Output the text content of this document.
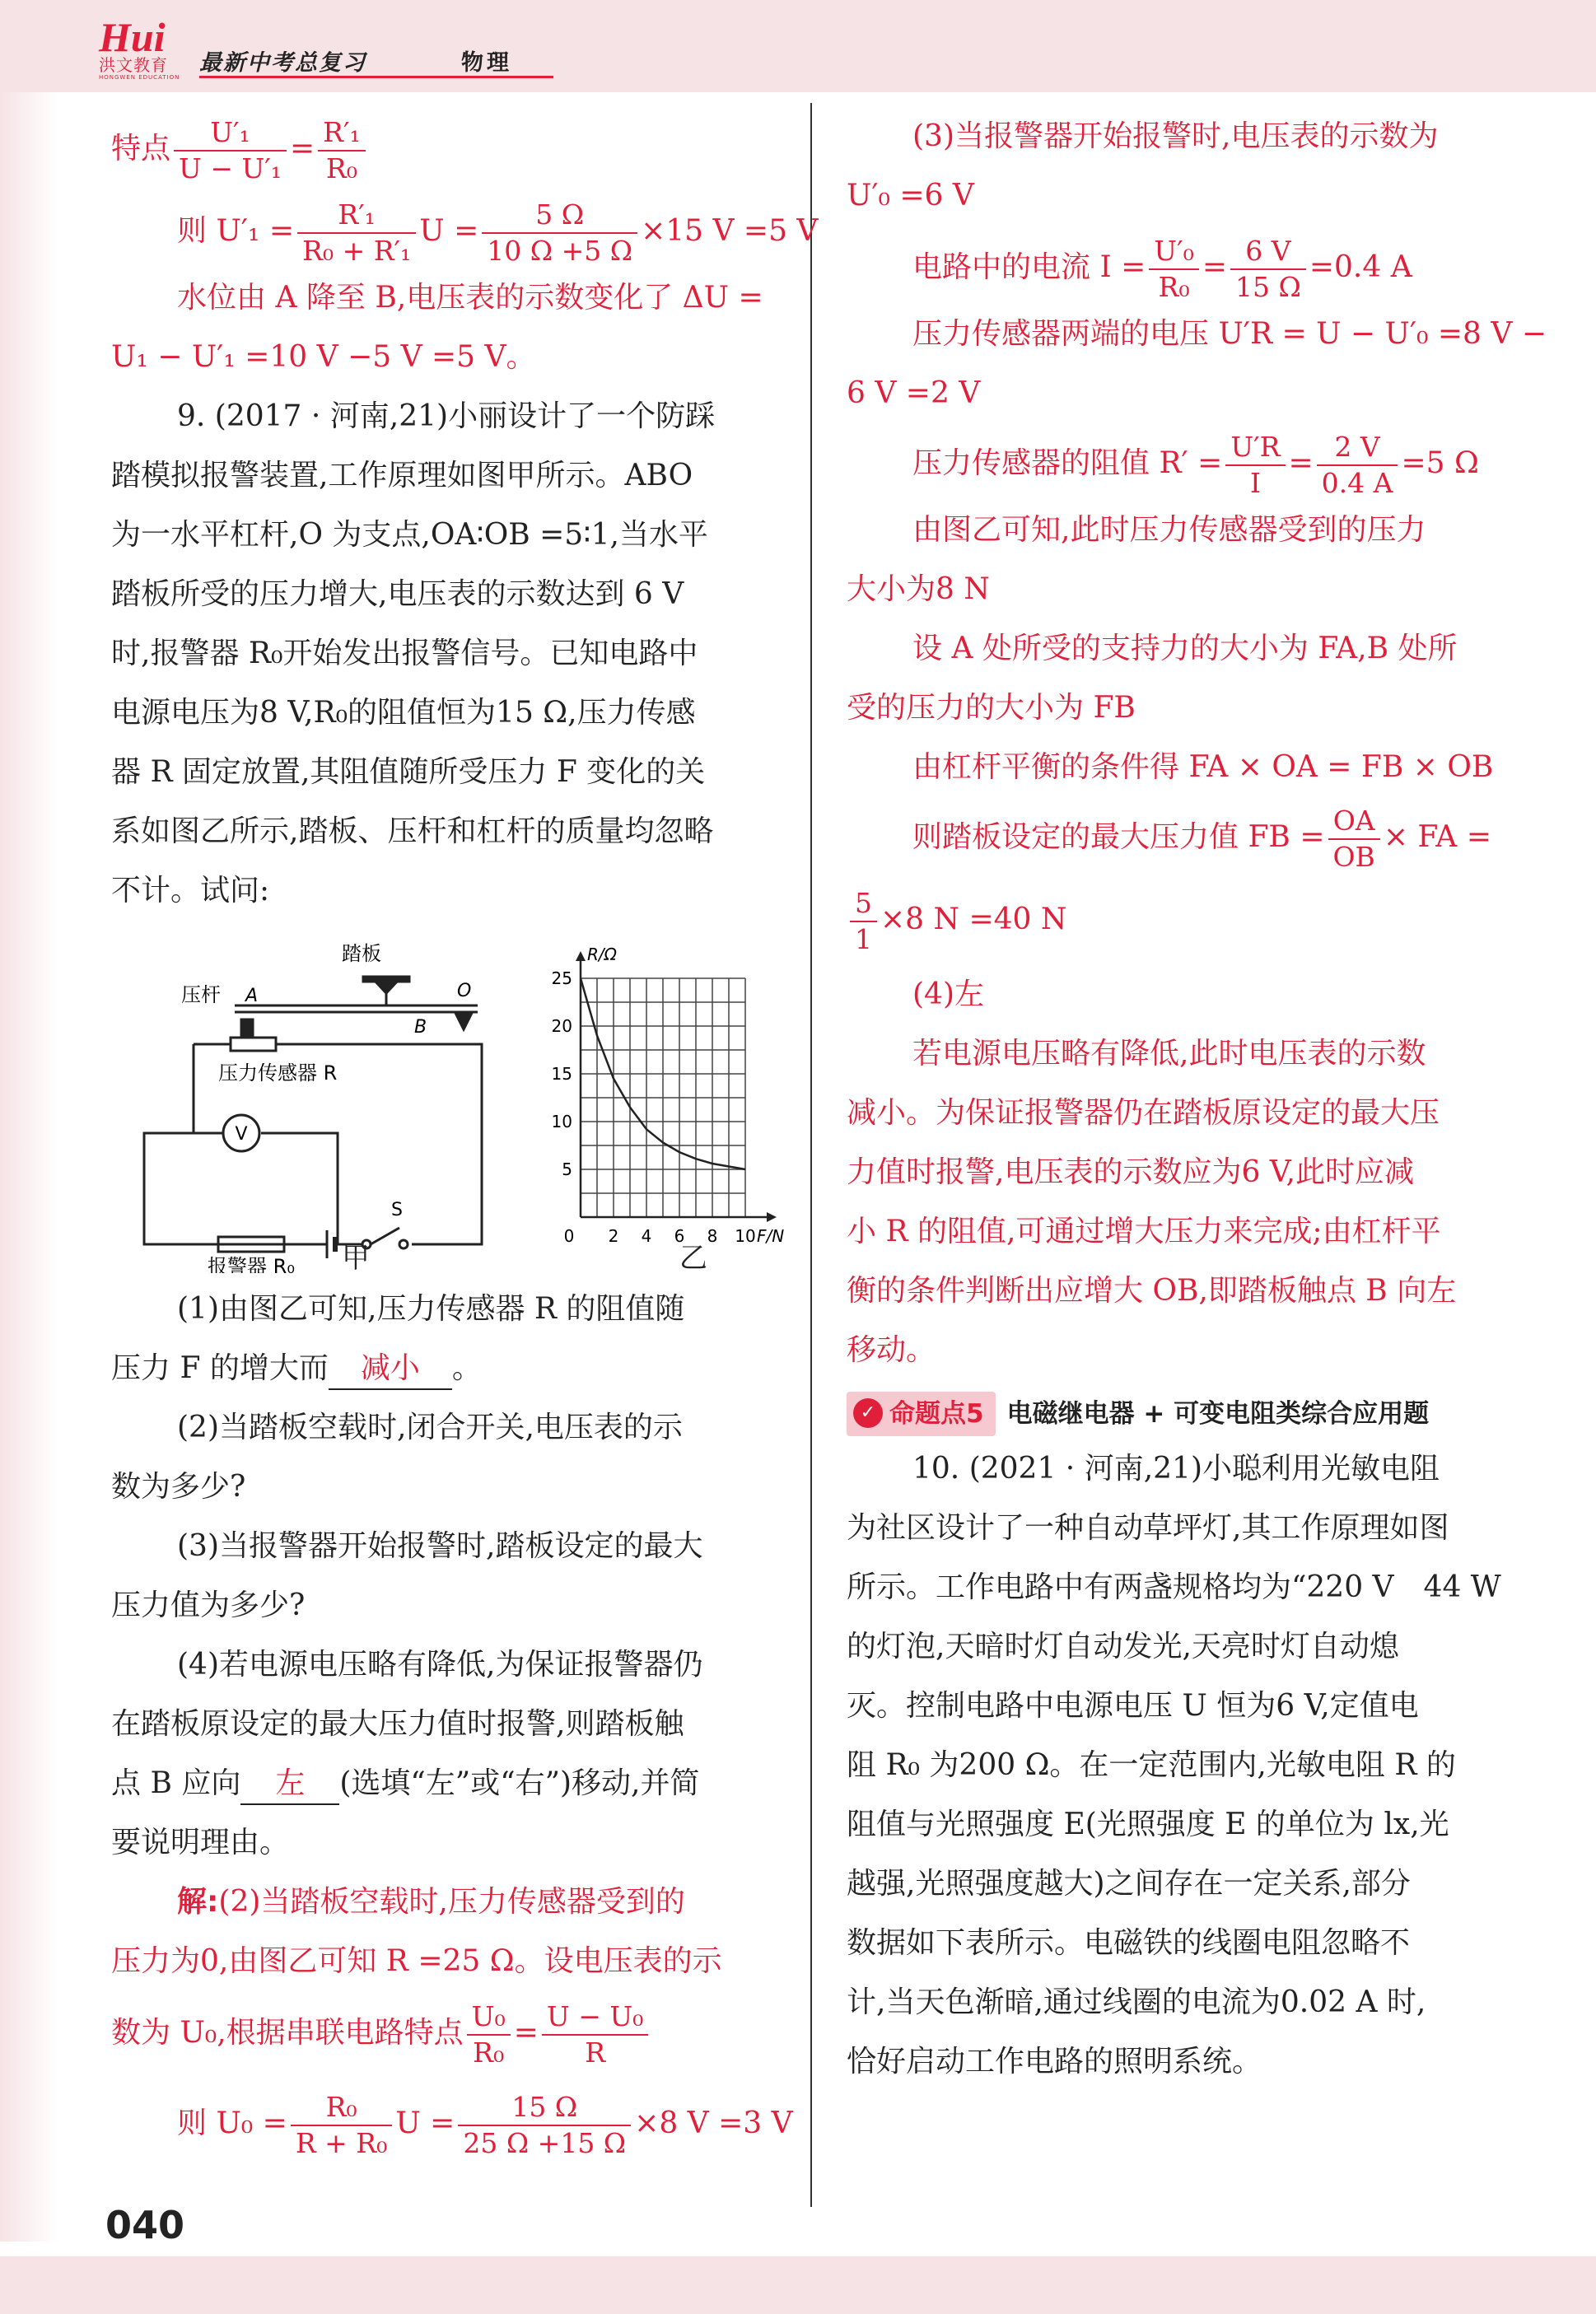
Hui
洪文教育
HONGWEN EDUCATION
最新中考总复习	物理
特点 $\frac{\text{U′₁}}{\text{U − U′₁}} = \frac{\text{R′₁}}{\text{R₀}}$
则 $U'_1 = \frac{\text{R′₁}}{\text{R₀ + R′₁}}$ $U = \frac{5 \Omega}{10 \Omega +5 \Omega} \times 15$ V =5 V
水位由 A 降至 B,电压表的示数变化了 ΔU =
U₁ − U′₁ =10 V −5 V =5 V。
9. (2017 · 河南,21)小丽设计了一个防踩
踏模拟报警装置,工作原理如图甲所示。ABO
为一水平杠杆,O 为支点,OA∶OB =5∶1,当水平
踏板所受的压力增大,电压表的示数达到 6 V
时,报警器 R₀开始发出报警信号。已知电路中
电源电压为8 V,R₀的阻值恒为15 Ω,压力传感
器 R 固定放置,其阻值随所受压力 F 变化的关
系如图乙所示,踏板、压杆和杠杆的质量均忽略
不计。试问:
踏板
压杆 A	O
B
压力传感器 R
V
S
报警器 R₀
2 4 6 8 10
5
10
15
20
25
0	F/N
R/Ω
甲	乙
(1)由图乙可知,压力传感器 R 的阻值随
压力 F 的增大而 减小 。
(2)当踏板空载时,闭合开关,电压表的示
数为多少?
(3)当报警器开始报警时,踏板设定的最大
压力值为多少?
(4)若电源电压略有降低,为保证报警器仍
在踏板原设定的最大压力值时报警,则踏板触
点 B 应向 左 (选填“左”或“右”)移动,并简
要说明理由。
解:(2)当踏板空载时,压力传感器受到的
压力为0,由图乙可知 R =25 Ω。设电压表的示
数为 U₀,根据串联电路特点 $\frac{\text{U₀}}{\text{R₀}} = \frac{\text{U − U₀}}{R}$
则 $U_0 = \frac{\text{R₀}}{\text{R + R₀}}$ $U = \frac{15 \Omega}{25 \Omega +15 \Omega} \times 8$ V =3 V
(3)当报警器开始报警时,电压表的示数为
U′₀ =6 V
电路中的电流 $I = \frac{\text{U′₀}}{\text{R₀}} = \frac{6 V}{15 \Omega} =0.4$ A
压力传感器两端的电压 U′R = U − U′₀ =8 V −
6 V =2 V
压力传感器的阻值 $R' = \frac{U'R}{I} = \frac{2 V}{0.4 A} =5$ Ω
由图乙可知,此时压力传感器受到的压力
大小为8 N
设 A 处所受的支持力的大小为 FA,B 处所
受的压力的大小为 FB
由杠杆平衡的条件得 FA × OA = FB × OB
则踏板设定的最大压力值 FB = $\frac{OA}{OB}$ × FA =
$\frac{5}{1} \times 8$ N =40 N
(4)左
若电源电压略有降低,此时电压表的示数
减小。为保证报警器仍在踏板原设定的最大压
力值时报警,电压表的示数应为6 V,此时应减
小 R 的阻值,可通过增大压力来完成;由杠杆平
衡的条件判断出应增大 OB,即踏板触点 B 向左
移动。
✓ 命题点5 电磁继电器 + 可变电阻类综合应用题
10. (2021 · 河南,21)小聪利用光敏电阻
为社区设计了一种自动草坪灯,其工作原理如图
所示。工作电路中有两盏规格均为“220 V　44 W
的灯泡,天暗时灯自动发光,天亮时灯自动熄
灭。控制电路中电源电压 U 恒为6 V,定值电
阻 R₀ 为200 Ω。在一定范围内,光敏电阻 R 的
阻值与光照强度 E(光照强度 E 的单位为 lx,光
越强,光照强度越大)之间存在一定关系,部分
数据如下表所示。电磁铁的线圈电阻忽略不
计,当天色渐暗,通过线圈的电流为0.02 A 时,
恰好启动工作电路的照明系统。
040
